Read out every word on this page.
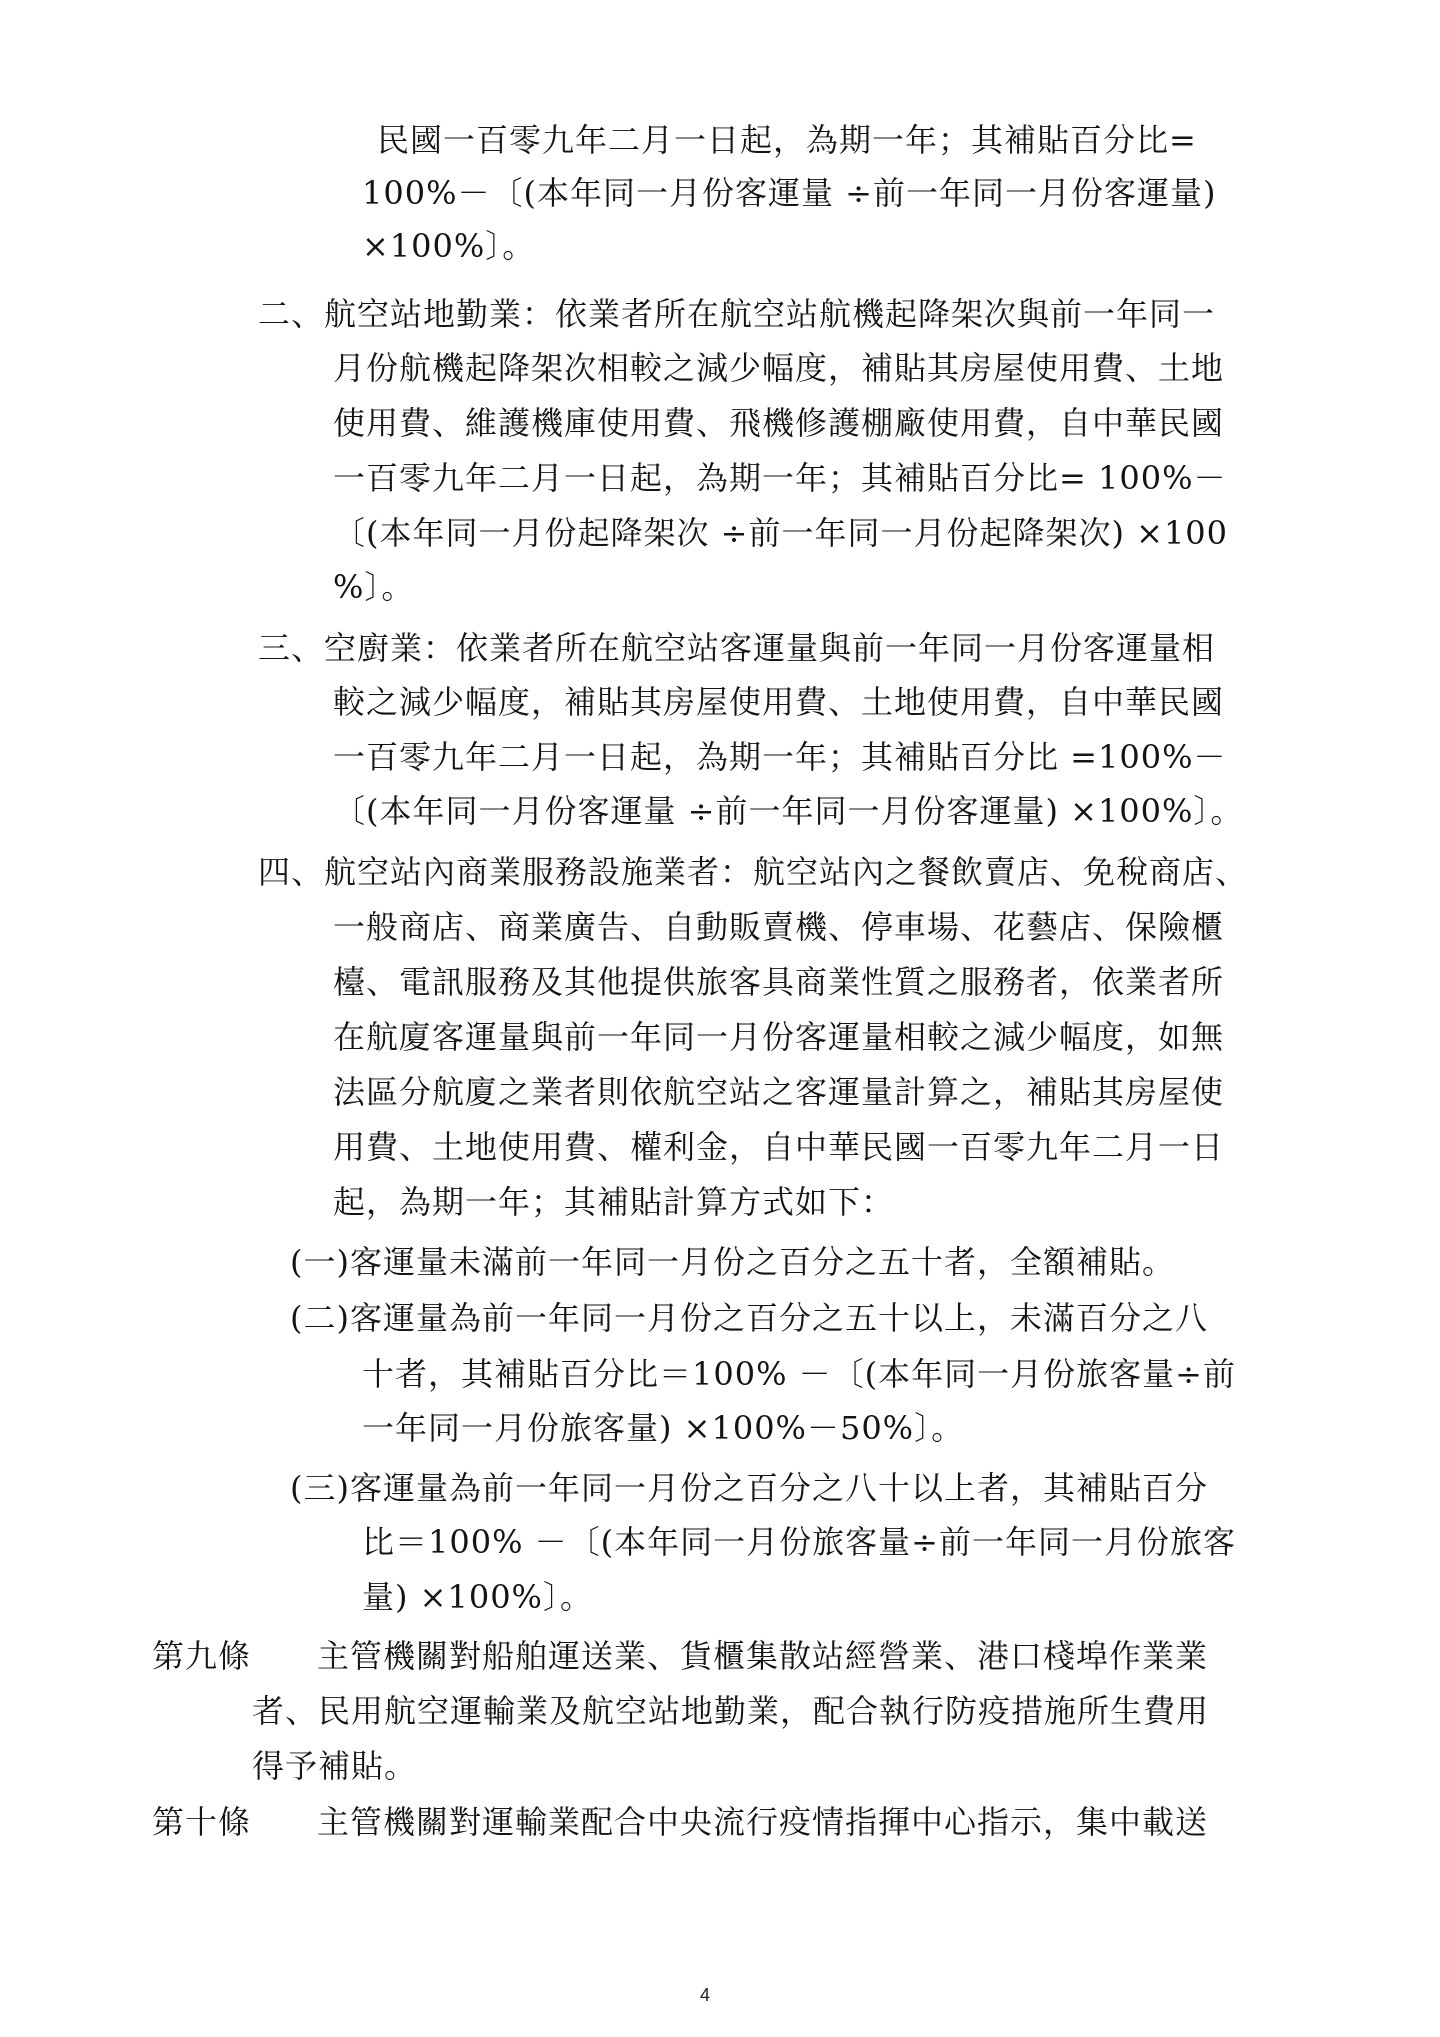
民國一百零九年二月一日起，為期一年；其補貼百分比=
100%－〔(本年同一月份客運量 ÷前一年同一月份客運量)
×100%〕。
二、航空站地勤業：依業者所在航空站航機起降架次與前一年同一
月份航機起降架次相較之減少幅度，補貼其房屋使用費、土地
使用費、維護機庫使用費、飛機修護棚廠使用費，自中華民國
一百零九年二月一日起，為期一年；其補貼百分比= 100%－
〔(本年同一月份起降架次 ÷前一年同一月份起降架次) ×100
%〕。
三、空廚業：依業者所在航空站客運量與前一年同一月份客運量相
較之減少幅度，補貼其房屋使用費、土地使用費，自中華民國
一百零九年二月一日起，為期一年；其補貼百分比 =100%－
〔(本年同一月份客運量 ÷前一年同一月份客運量) ×100%〕。
四、航空站內商業服務設施業者：航空站內之餐飲賣店、免稅商店、
一般商店、商業廣告、自動販賣機、停車場、花藝店、保險櫃
檯、電訊服務及其他提供旅客具商業性質之服務者，依業者所
在航廈客運量與前一年同一月份客運量相較之減少幅度，如無
法區分航廈之業者則依航空站之客運量計算之，補貼其房屋使
用費、土地使用費、權利金，自中華民國一百零九年二月一日
起，為期一年；其補貼計算方式如下：
(一)客運量未滿前一年同一月份之百分之五十者，全額補貼。
(二)客運量為前一年同一月份之百分之五十以上，未滿百分之八
十者，其補貼百分比＝100% －〔(本年同一月份旅客量÷前
一年同一月份旅客量) ×100%－50%〕。
(三)客運量為前一年同一月份之百分之八十以上者，其補貼百分
比＝100% －〔(本年同一月份旅客量÷前一年同一月份旅客
量) ×100%〕。
第九條　　主管機關對船舶運送業、貨櫃集散站經營業、港口棧埠作業業
者、民用航空運輸業及航空站地勤業，配合執行防疫措施所生費用
得予補貼。
第十條　　主管機關對運輸業配合中央流行疫情指揮中心指示，集中載送
4
